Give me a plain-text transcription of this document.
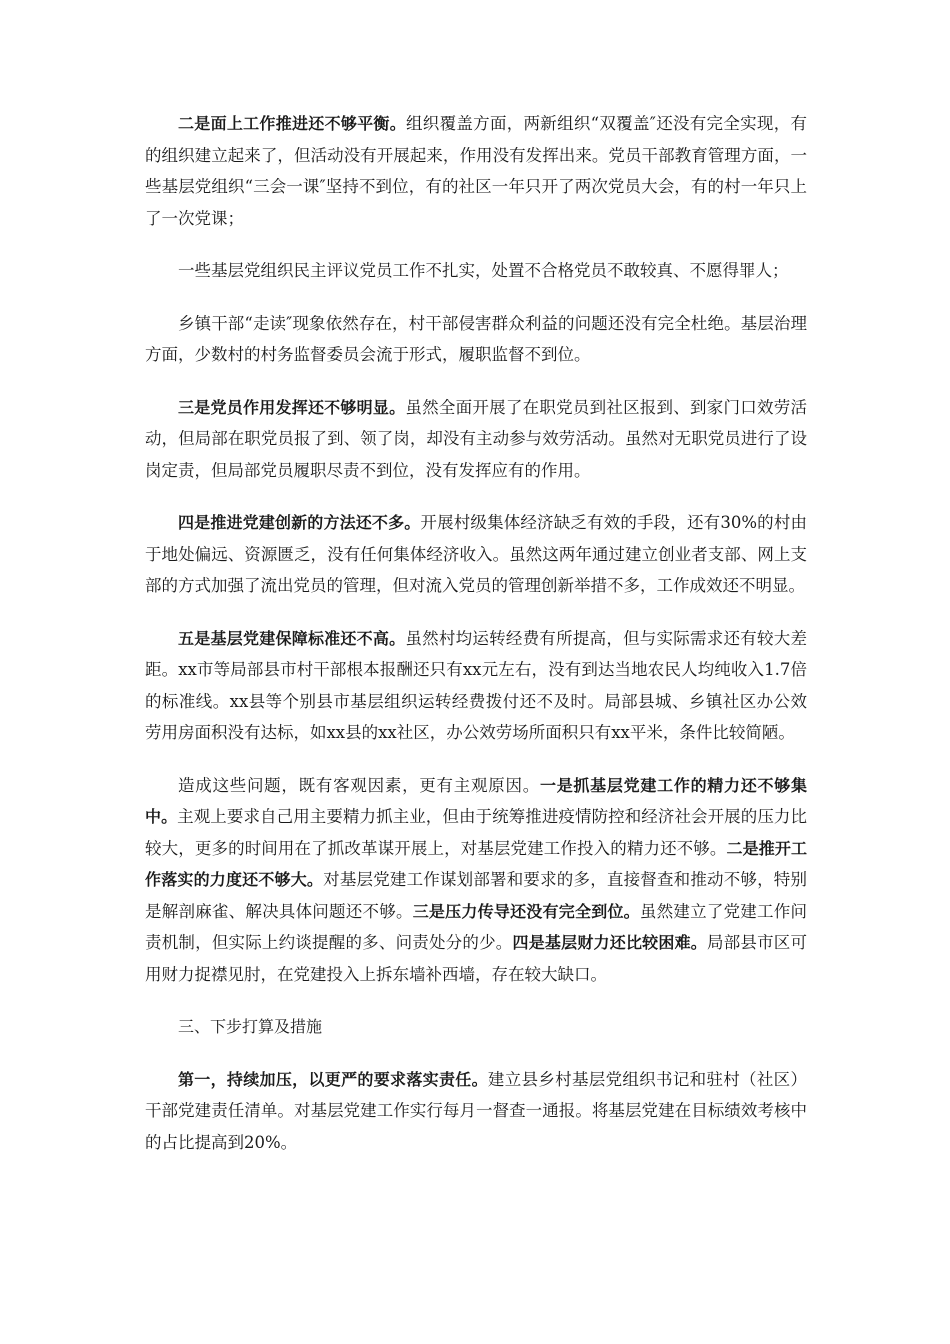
二是面上工作推进还不够平衡。组织覆盖方面，两新组织“双覆盖″还没有完全实现，有的组织建立起来了，但活动没有开展起来，作用没有发挥出来。党员干部教育管理方面，一些基层党组织“三会一课″坚持不到位，有的社区一年只开了两次党员大会，有的村一年只上了一次党课；

一些基层党组织民主评议党员工作不扎实，处置不合格党员不敢较真、不愿得罪人；

乡镇干部“走读″现象依然存在，村干部侵害群众利益的问题还没有完全杜绝。基层治理方面，少数村的村务监督委员会流于形式，履职监督不到位。

三是党员作用发挥还不够明显。虽然全面开展了在职党员到社区报到、到家门口效劳活动，但局部在职党员报了到、领了岗，却没有主动参与效劳活动。虽然对无职党员进行了设岗定责，但局部党员履职尽责不到位，没有发挥应有的作用。

四是推进党建创新的方法还不多。开展村级集体经济缺乏有效的手段，还有30%的村由于地处偏远、资源匮乏，没有任何集体经济收入。虽然这两年通过建立创业者支部、网上支部的方式加强了流出党员的管理，但对流入党员的管理创新举措不多，工作成效还不明显。

五是基层党建保障标准还不高。虽然村均运转经费有所提高，但与实际需求还有较大差距。xx市等局部县市村干部根本报酬还只有xx元左右，没有到达当地农民人均纯收入1.7倍的标准线。xx县等个别县市基层组织运转经费拨付还不及时。局部县城、乡镇社区办公效劳用房面积没有达标，如xx县的xx社区，办公效劳场所面积只有xx平米，条件比较简陋。

造成这些问题，既有客观因素，更有主观原因。一是抓基层党建工作的精力还不够集中。主观上要求自己用主要精力抓主业，但由于统筹推进疫情防控和经济社会开展的压力比较大，更多的时间用在了抓改革谋开展上，对基层党建工作投入的精力还不够。二是推开工作落实的力度还不够大。对基层党建工作谋划部署和要求的多，直接督查和推动不够，特别是解剖麻雀、解决具体问题还不够。三是压力传导还没有完全到位。虽然建立了党建工作问责机制，但实际上约谈提醒的多、问责处分的少。四是基层财力还比较困难。局部县市区可用财力捉襟见肘，在党建投入上拆东墙补西墙，存在较大缺口。

三、下步打算及措施

第一，持续加压，以更严的要求落实责任。建立县乡村基层党组织书记和驻村（社区）干部党建责任清单。对基层党建工作实行每月一督查一通报。将基层党建在目标绩效考核中的占比提高到20%。
